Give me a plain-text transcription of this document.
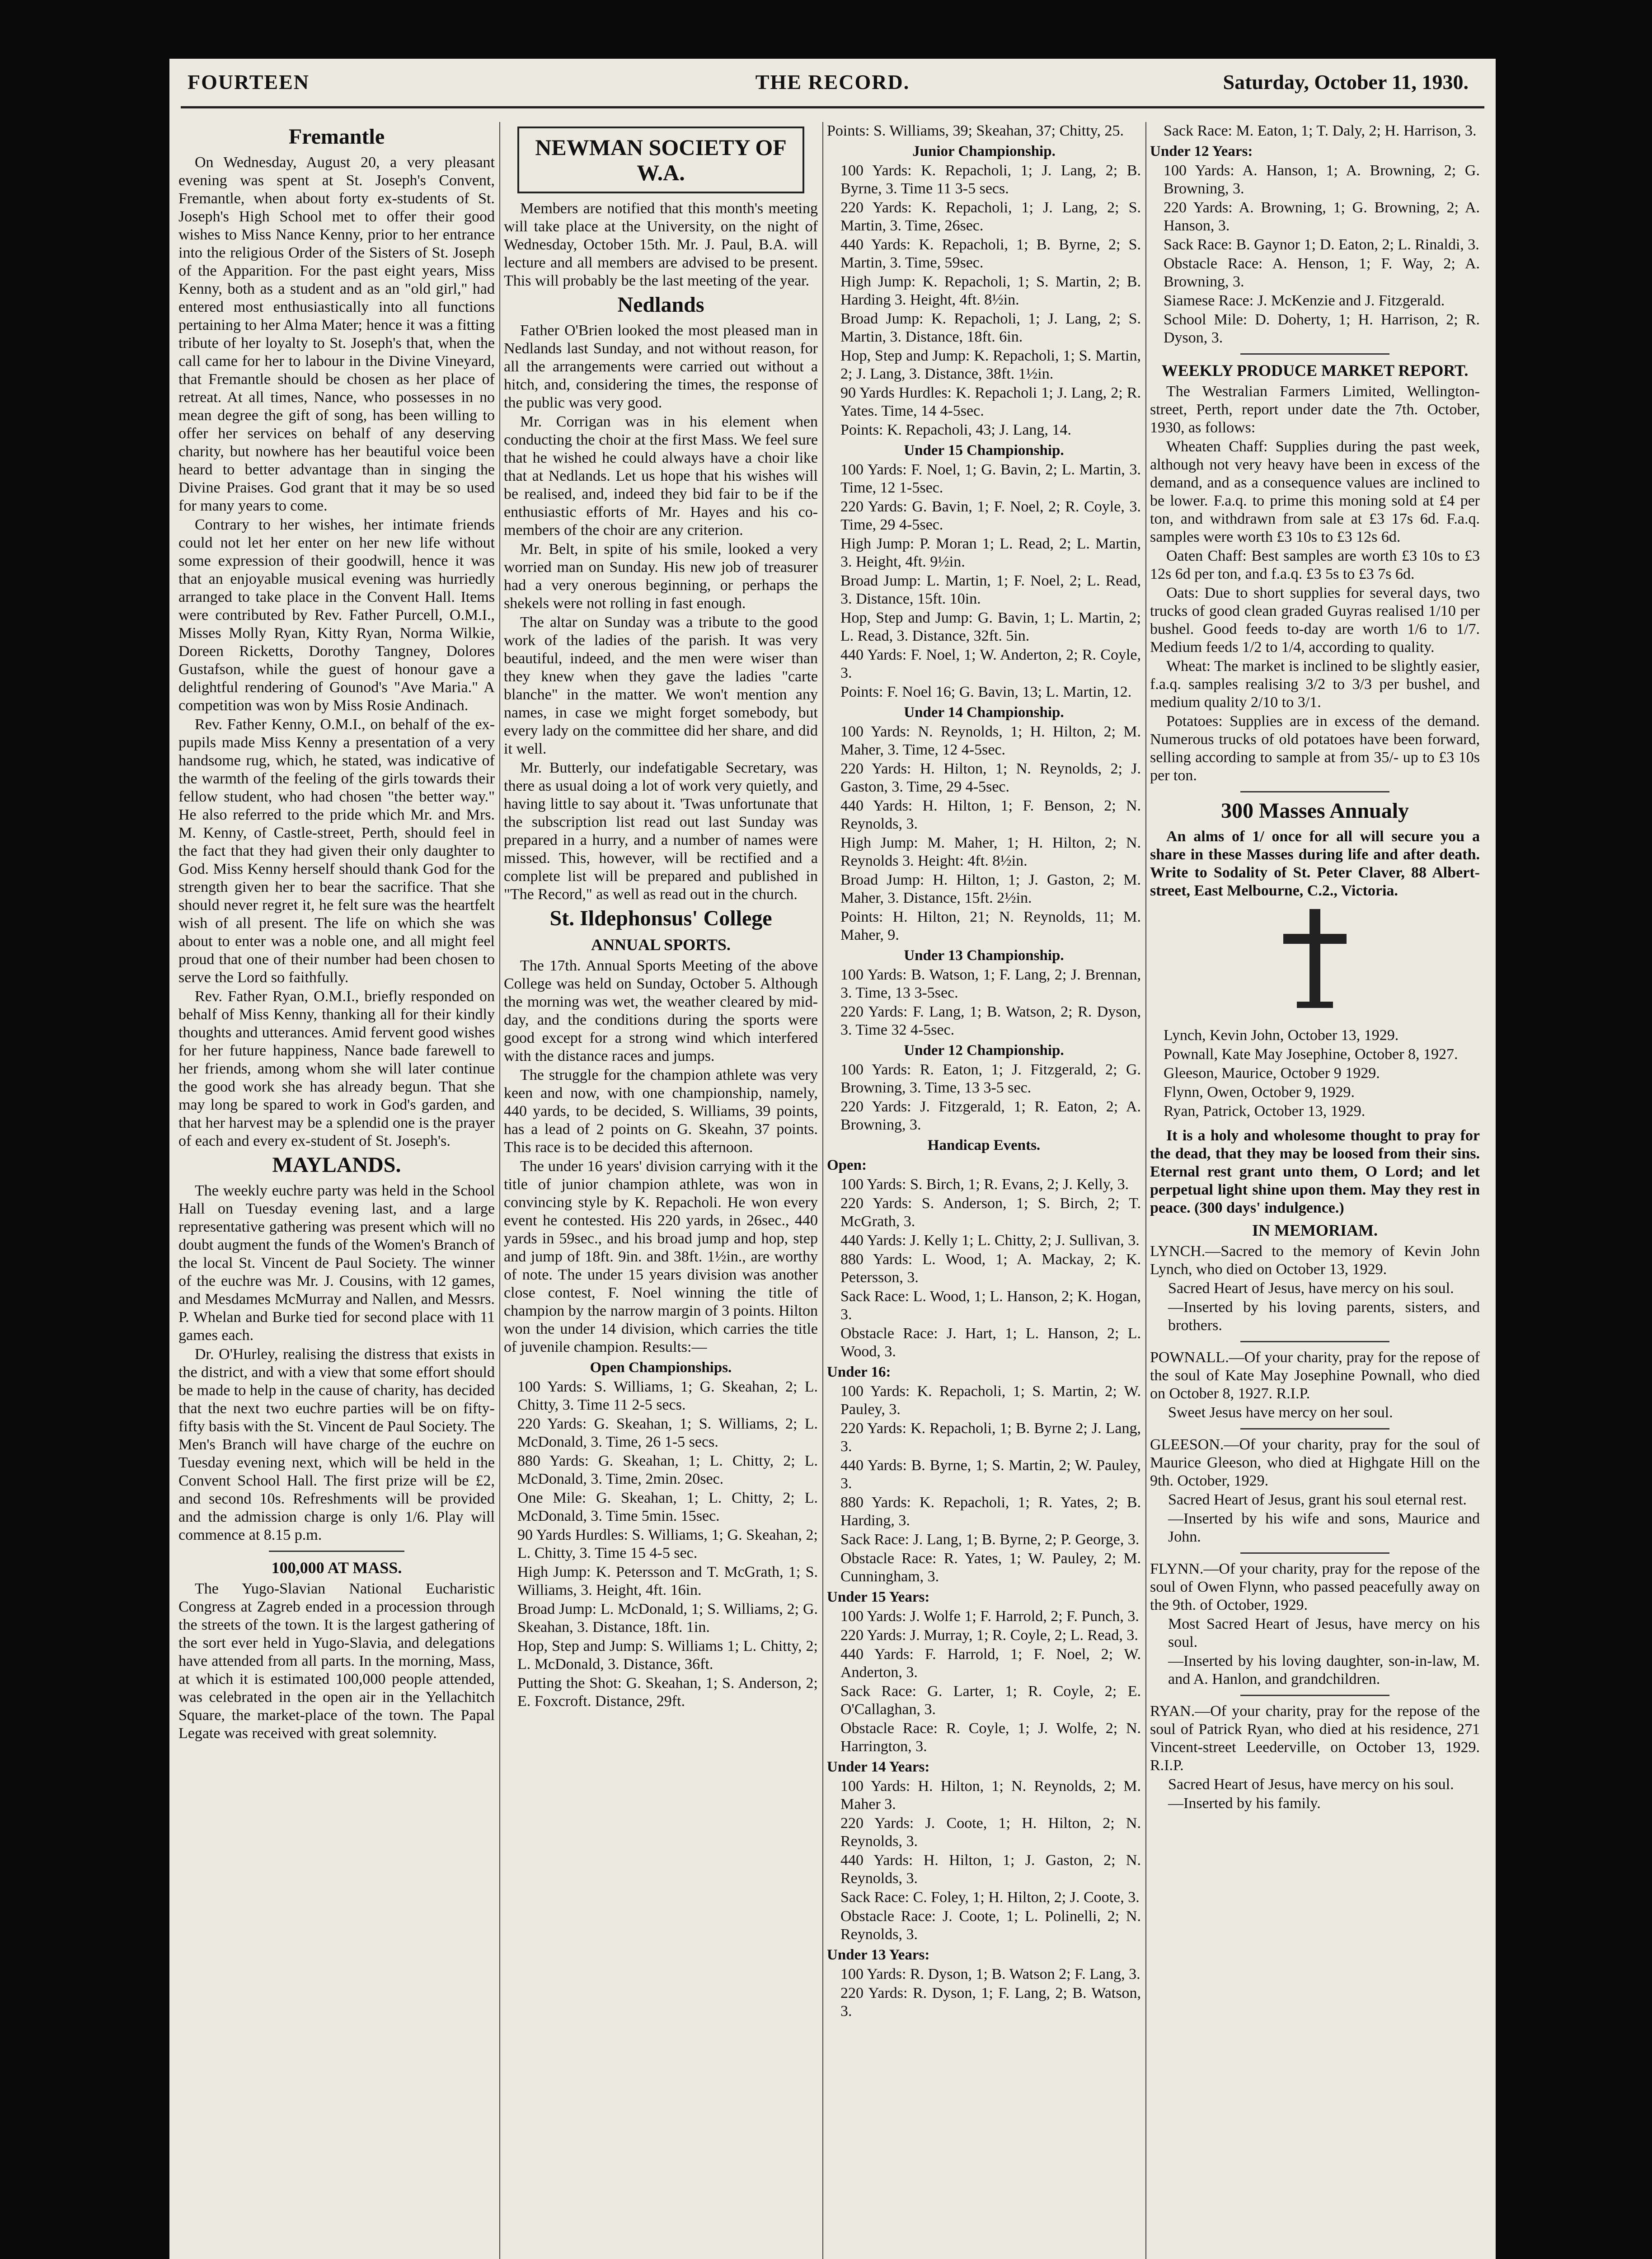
FOURTEEN	THE RECORD.	Saturday, October 11, 1930.
Fremantle

On Wednesday, August 20, a very pleasant evening was spent at St. Joseph's Convent, Fremantle, when about forty ex-students of St. Joseph's High School met to offer their good wishes to Miss Nance Kenny, prior to her entrance into the religious Order of the Sisters of St. Joseph of the Apparition. For the past eight years, Miss Kenny, both as a student and as an "old girl," had entered most enthusiastically into all functions pertaining to her Alma Mater; hence it was a fitting tribute of her loyalty to St. Joseph's that, when the call came for her to labour in the Divine Vineyard, that Fremantle should be chosen as her place of retreat. At all times, Nance, who possesses in no mean degree the gift of song, has been willing to offer her services on behalf of any deserving charity, but nowhere has her beautiful voice been heard to better advantage than in singing the Divine Praises. God grant that it may be so used for many years to come.

Contrary to her wishes, her intimate friends could not let her enter on her new life without some expression of their goodwill, hence it was that an enjoyable musical evening was hurriedly arranged to take place in the Convent Hall. Items were contributed by Rev. Father Purcell, O.M.I., Misses Molly Ryan, Kitty Ryan, Norma Wilkie, Doreen Ricketts, Dorothy Tangney, Dolores Gustafson, while the guest of honour gave a delightful rendering of Gounod's "Ave Maria." A competition was won by Miss Rosie Andinach.

Rev. Father Kenny, O.M.I., on behalf of the ex-pupils made Miss Kenny a presentation of a very handsome rug, which, he stated, was indicative of the warmth of the feeling of the girls towards their fellow student, who had chosen "the better way." He also referred to the pride which Mr. and Mrs. M. Kenny, of Castle-street, Perth, should feel in the fact that they had given their only daughter to God. Miss Kenny herself should thank God for the strength given her to bear the sacrifice. That she should never regret it, he felt sure was the heartfelt wish of all present. The life on which she was about to enter was a noble one, and all might feel proud that one of their number had been chosen to serve the Lord so faithfully.

Rev. Father Ryan, O.M.I., briefly responded on behalf of Miss Kenny, thanking all for their kindly thoughts and utterances. Amid fervent good wishes for her future happiness, Nance bade farewell to her friends, among whom she will later continue the good work she has already begun. That she may long be spared to work in God's garden, and that her harvest may be a splendid one is the prayer of each and every ex-student of St. Joseph's.

MAYLANDS.

The weekly euchre party was held in the School Hall on Tuesday evening last, and a large representative gathering was present which will no doubt augment the funds of the Women's Branch of the local St. Vincent de Paul Society. The winner of the euchre was Mr. J. Cousins, with 12 games, and Mesdames McMurray and Nallen, and Messrs. P. Whelan and Burke tied for second place with 11 games each.

Dr. O'Hurley, realising the distress that exists in the district, and with a view that some effort should be made to help in the cause of charity, has decided that the next two euchre parties will be on fifty-fifty basis with the St. Vincent de Paul Society. The Men's Branch will have charge of the euchre on Tuesday evening next, which will be held in the Convent School Hall. The first prize will be £2, and second 10s. Refreshments will be provided and the admission charge is only 1/6. Play will commence at 8.15 p.m.

100,000 AT MASS.

The Yugo-Slavian National Eucharistic Congress at Zagreb ended in a procession through the streets of the town. It is the largest gathering of the sort ever held in Yugo-Slavia, and delegations have attended from all parts. In the morning, Mass, at which it is estimated 100,000 people attended, was celebrated in the open air in the Yellachitch Square, the market-place of the town. The Papal Legate was received with great solemnity.

NEWMAN SOCIETY OF W.A.

Members are notified that this month's meeting will take place at the University, on the night of Wednesday, October 15th. Mr. J. Paul, B.A. will lecture and all members are advised to be present. This will probably be the last meeting of the year.

Nedlands

Father O'Brien looked the most pleased man in Nedlands last Sunday, and not without reason, for all the arrangements were carried out without a hitch, and, considering the times, the response of the public was very good.

Mr. Corrigan was in his element when conducting the choir at the first Mass. We feel sure that he wished he could always have a choir like that at Nedlands. Let us hope that his wishes will be realised, and, indeed they bid fair to be if the enthusiastic efforts of Mr. Hayes and his co-members of the choir are any criterion.

Mr. Belt, in spite of his smile, looked a very worried man on Sunday. His new job of treasurer had a very onerous beginning, or perhaps the shekels were not rolling in fast enough.

The altar on Sunday was a tribute to the good work of the ladies of the parish. It was very beautiful, indeed, and the men were wiser than they knew when they gave the ladies "carte blanche" in the matter. We won't mention any names, in case we might forget somebody, but every lady on the committee did her share, and did it well.

Mr. Butterly, our indefatigable Secretary, was there as usual doing a lot of work very quietly, and having little to say about it. 'Twas unfortunate that the subscription list read out last Sunday was prepared in a hurry, and a number of names were missed. This, however, will be rectified and a complete list will be prepared and published in "The Record," as well as read out in the church.

St. Ildephonsus' College
ANNUAL SPORTS.

The 17th. Annual Sports Meeting of the above College was held on Sunday, October 5. Although the morning was wet, the weather cleared by mid-day, and the conditions during the sports were good except for a strong wind which interfered with the distance races and jumps.

The struggle for the champion athlete was very keen and now, with one championship, namely, 440 yards, to be decided, S. Williams, 39 points, has a lead of 2 points on G. Skeahn, 37 points. This race is to be decided this afternoon.

The under 16 years' division carrying with it the title of junior champion athlete, was won in convincing style by K. Repacholi. He won every event he contested. His 220 yards, in 26sec., 440 yards in 59sec., and his broad jump and hop, step and jump of 18ft. 9in. and 38ft. 1½in., are worthy of note. The under 15 years division was another close contest, F. Noel winning the title of champion by the narrow margin of 3 points. Hilton won the under 14 division, which carries the title of juvenile champion. Results:—

Open Championships.

100 Yards: S. Williams, 1; G. Skeahan, 2; L. Chitty, 3. Time 11 2-5 secs.

220 Yards: G. Skeahan, 1; S. Williams, 2; L. McDonald, 3. Time, 26 1-5 secs.

880 Yards: G. Skeahan, 1; L. Chitty, 2; L. McDonald, 3. Time, 2min. 20sec.

One Mile: G. Skeahan, 1; L. Chitty, 2; L. McDonald, 3. Time 5min. 15sec.

90 Yards Hurdles: S. Williams, 1; G. Skeahan, 2; L. Chitty, 3. Time 15 4-5 sec.

High Jump: K. Petersson and T. McGrath, 1; S. Williams, 3. Height, 4ft. 16in.

Broad Jump: L. McDonald, 1; S. Williams, 2; G. Skeahan, 3. Distance, 18ft. 1in.

Hop, Step and Jump: S. Williams 1; L. Chitty, 2; L. McDonald, 3. Distance, 36ft.

Putting the Shot: G. Skeahan, 1; S. Anderson, 2; E. Foxcroft. Distance, 29ft.

Points: S. Williams, 39; Skeahan, 37; Chitty, 25.

Junior Championship.

100 Yards: K. Repacholi, 1; J. Lang, 2; B. Byrne, 3. Time 11 3-5 secs.

220 Yards: K. Repacholi, 1; J. Lang, 2; S. Martin, 3. Time, 26sec.

440 Yards: K. Repacholi, 1; B. Byrne, 2; S. Martin, 3. Time, 59sec.

High Jump: K. Repacholi, 1; S. Martin, 2; B. Harding 3. Height, 4ft. 8½in.

Broad Jump: K. Repacholi, 1; J. Lang, 2; S. Martin, 3. Distance, 18ft. 6in.

Hop, Step and Jump: K. Repacholi, 1; S. Martin, 2; J. Lang, 3. Distance, 38ft. 1½in.

90 Yards Hurdles: K. Repacholi 1; J. Lang, 2; R. Yates. Time, 14 4-5sec.

Points: K. Repacholi, 43; J. Lang, 14.

Under 15 Championship.

100 Yards: F. Noel, 1; G. Bavin, 2; L. Martin, 3. Time, 12 1-5sec.

220 Yards: G. Bavin, 1; F. Noel, 2; R. Coyle, 3. Time, 29 4-5sec.

High Jump: P. Moran 1; L. Read, 2; L. Martin, 3. Height, 4ft. 9½in.

Broad Jump: L. Martin, 1; F. Noel, 2; L. Read, 3. Distance, 15ft. 10in.

Hop, Step and Jump: G. Bavin, 1; L. Martin, 2; L. Read, 3. Distance, 32ft. 5in.

440 Yards: F. Noel, 1; W. Anderton, 2; R. Coyle, 3.

Points: F. Noel 16; G. Bavin, 13; L. Martin, 12.

Under 14 Championship.

100 Yards: N. Reynolds, 1; H. Hilton, 2; M. Maher, 3. Time, 12 4-5sec.

220 Yards: H. Hilton, 1; N. Reynolds, 2; J. Gaston, 3. Time, 29 4-5sec.

440 Yards: H. Hilton, 1; F. Benson, 2; N. Reynolds, 3.

High Jump: M. Maher, 1; H. Hilton, 2; N. Reynolds 3. Height: 4ft. 8½in.

Broad Jump: H. Hilton, 1; J. Gaston, 2; M. Maher, 3. Distance, 15ft. 2½in.

Points: H. Hilton, 21; N. Reynolds, 11; M. Maher, 9.

Under 13 Championship.

100 Yards: B. Watson, 1; F. Lang, 2; J. Brennan, 3. Time, 13 3-5sec.

220 Yards: F. Lang, 1; B. Watson, 2; R. Dyson, 3. Time 32 4-5sec.

Under 12 Championship.

100 Yards: R. Eaton, 1; J. Fitzgerald, 2; G. Browning, 3. Time, 13 3-5 sec.

220 Yards: J. Fitzgerald, 1; R. Eaton, 2; A. Browning, 3.

Handicap Events.
Open:

100 Yards: S. Birch, 1; R. Evans, 2; J. Kelly, 3.

220 Yards: S. Anderson, 1; S. Birch, 2; T. McGrath, 3.

440 Yards: J. Kelly 1; L. Chitty, 2; J. Sullivan, 3.

880 Yards: L. Wood, 1; A. Mackay, 2; K. Petersson, 3.

Sack Race: L. Wood, 1; L. Hanson, 2; K. Hogan, 3.

Obstacle Race: J. Hart, 1; L. Hanson, 2; L. Wood, 3.

Under 16:

100 Yards: K. Repacholi, 1; S. Martin, 2; W. Pauley, 3.

220 Yards: K. Repacholi, 1; B. Byrne 2; J. Lang, 3.

440 Yards: B. Byrne, 1; S. Martin, 2; W. Pauley, 3.

880 Yards: K. Repacholi, 1; R. Yates, 2; B. Harding, 3.

Sack Race: J. Lang, 1; B. Byrne, 2; P. George, 3.

Obstacle Race: R. Yates, 1; W. Pauley, 2; M. Cunningham, 3.

Under 15 Years:

100 Yards: J. Wolfe 1; F. Harrold, 2; F. Punch, 3.

220 Yards: J. Murray, 1; R. Coyle, 2; L. Read, 3.

440 Yards: F. Harrold, 1; F. Noel, 2; W. Anderton, 3.

Sack Race: G. Larter, 1; R. Coyle, 2; E. O'Callaghan, 3.

Obstacle Race: R. Coyle, 1; J. Wolfe, 2; N. Harrington, 3.

Under 14 Years:

100 Yards: H. Hilton, 1; N. Reynolds, 2; M. Maher 3.

220 Yards: J. Coote, 1; H. Hilton, 2; N. Reynolds, 3.

440 Yards: H. Hilton, 1; J. Gaston, 2; N. Reynolds, 3.

Sack Race: C. Foley, 1; H. Hilton, 2; J. Coote, 3.

Obstacle Race: J. Coote, 1; L. Polinelli, 2; N. Reynolds, 3.

Under 13 Years:

100 Yards: R. Dyson, 1; B. Watson 2; F. Lang, 3.

220 Yards: R. Dyson, 1; F. Lang, 2; B. Watson, 3.

Sack Race: M. Eaton, 1; T. Daly, 2; H. Harrison, 3.

Under 12 Years:

100 Yards: A. Hanson, 1; A. Browning, 2; G. Browning, 3.

220 Yards: A. Browning, 1; G. Browning, 2; A. Hanson, 3.

Sack Race: B. Gaynor 1; D. Eaton, 2; L. Rinaldi, 3.

Obstacle Race: A. Henson, 1; F. Way, 2; A. Browning, 3.

Siamese Race: J. McKenzie and J. Fitzgerald.

School Mile: D. Doherty, 1; H. Harrison, 2; R. Dyson, 3.

WEEKLY PRODUCE MARKET REPORT.

The Westralian Farmers Limited, Wellington-street, Perth, report under date the 7th. October, 1930, as follows:

Wheaten Chaff: Supplies during the past week, although not very heavy have been in excess of the demand, and as a consequence values are inclined to be lower. F.a.q. to prime this moning sold at £4 per ton, and withdrawn from sale at £3 17s 6d. F.a.q. samples were worth £3 10s to £3 12s 6d.

Oaten Chaff: Best samples are worth £3 10s to £3 12s 6d per ton, and f.a.q. £3 5s to £3 7s 6d.

Oats: Due to short supplies for several days, two trucks of good clean graded Guyras realised 1/10 per bushel. Good feeds to-day are worth 1/6 to 1/7. Medium feeds 1/2 to 1/4, according to quality.

Wheat: The market is inclined to be slightly easier, f.a.q. samples realising 3/2 to 3/3 per bushel, and medium quality 2/10 to 3/1.

Potatoes: Supplies are in excess of the demand. Numerous trucks of old potatoes have been forward, selling according to sample at from 35/- up to £3 10s per ton.

300 Masses Annualy

An alms of 1/ once for all will secure you a share in these Masses during life and after death. Write to Sodality of St. Peter Claver, 88 Albert-street, East Melbourne, C.2., Victoria.

Lynch, Kevin John, October 13, 1929.

Pownall, Kate May Josephine, October 8, 1927.

Gleeson, Maurice, October 9 1929.

Flynn, Owen, October 9, 1929.

Ryan, Patrick, October 13, 1929.

It is a holy and wholesome thought to pray for the dead, that they may be loosed from their sins. Eternal rest grant unto them, O Lord; and let perpetual light shine upon them. May they rest in peace. (300 days' indulgence.)

IN MEMORIAM.

LYNCH.—Sacred to the memory of Kevin John Lynch, who died on October 13, 1929.

Sacred Heart of Jesus, have mercy on his soul.

—Inserted by his loving parents, sisters, and brothers.

POWNALL.—Of your charity, pray for the repose of the soul of Kate May Josephine Pownall, who died on October 8, 1927. R.I.P.

Sweet Jesus have mercy on her soul.

GLEESON.—Of your charity, pray for the soul of Maurice Gleeson, who died at Highgate Hill on the 9th. October, 1929.

Sacred Heart of Jesus, grant his soul eternal rest.

—Inserted by his wife and sons, Maurice and John.

FLYNN.—Of your charity, pray for the repose of the soul of Owen Flynn, who passed peacefully away on the 9th. of October, 1929.

Most Sacred Heart of Jesus, have mercy on his soul.

—Inserted by his loving daughter, son-in-law, M. and A. Hanlon, and grandchildren.

RYAN.—Of your charity, pray for the repose of the soul of Patrick Ryan, who died at his residence, 271 Vincent-street Leederville, on October 13, 1929. R.I.P.

Sacred Heart of Jesus, have mercy on his soul.

—Inserted by his family.
